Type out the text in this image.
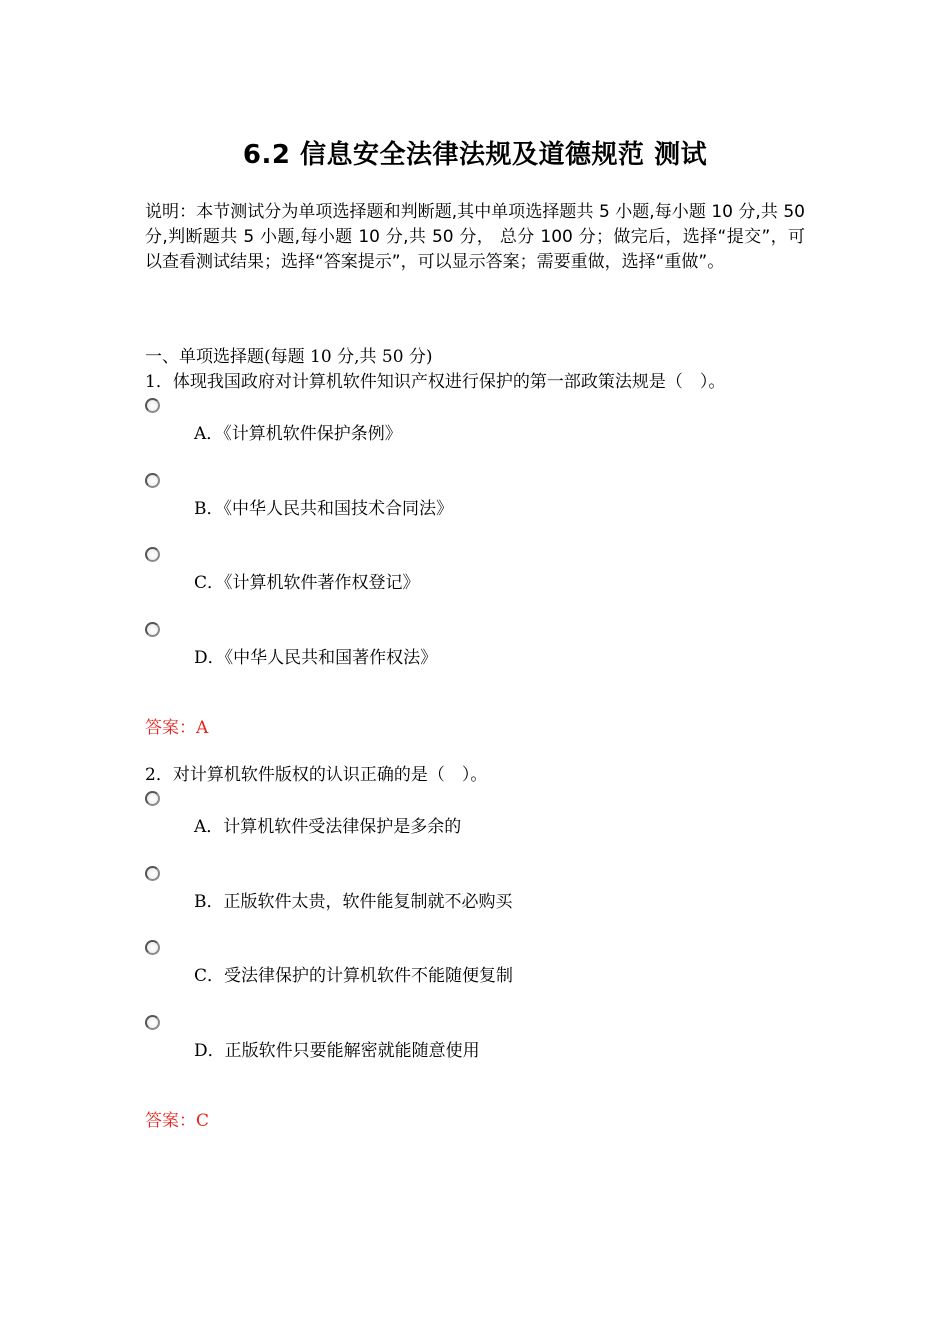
6.2 信息安全法律法规及道德规范 测试
说明：本节测试分为单项选择题和判断题,其中单项选择题共 5 小题,每小题 10 分,共 50 分,判断题共 5 小题,每小题 10 分,共 50 分， 总分 100 分；做完后，选择“提交”，可以查看测试结果；选择“答案提示”，可以显示答案；需要重做，选择“重做”。
一、单项选择题(每题 10 分,共 50 分)
1．体现我国政府对计算机软件知识产权进行保护的第一部政策法规是（　）。
A．《计算机软件保护条例》
B．《中华人民共和国技术合同法》
C．《计算机软件著作权登记》
D．《中华人民共和国著作权法》
答案：A
2．对计算机软件版权的认识正确的是（　）。
A．计算机软件受法律保护是多余的
B．正版软件太贵，软件能复制就不必购买
C．受法律保护的计算机软件不能随便复制
D．正版软件只要能解密就能随意使用
答案：C
